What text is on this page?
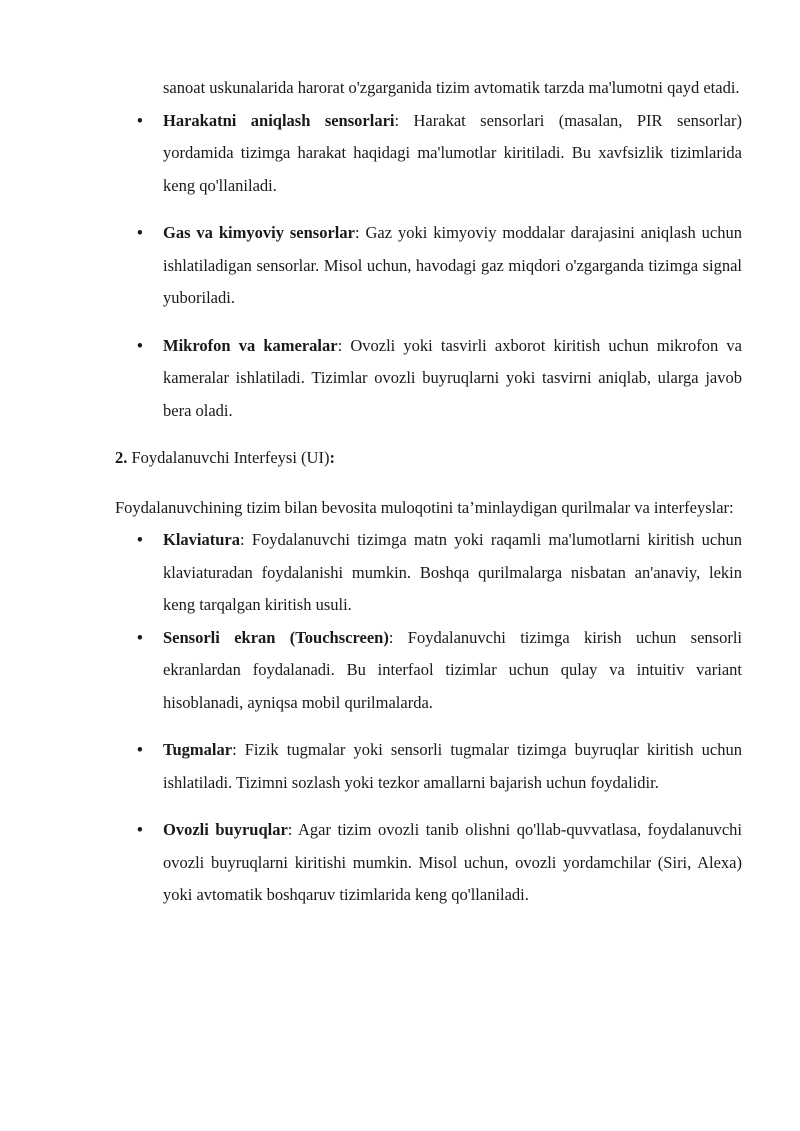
sanoat uskunalarida harorat o'zgarganida tizim avtomatik tarzda ma'lumotni qayd etadi.

• Harakatni aniqlash sensorlari: Harakat sensorlari (masalan, PIR sensorlar) yordamida tizimga harakat haqidagi ma'lumotlar kiritiladi. Bu xavfsizlik tizimlarida keng qo'llaniladi.
• Gas va kimyoviy sensorlar: Gaz yoki kimyoviy moddalar darajasini aniqlash uchun ishlatiladigan sensorlar. Misol uchun, havodagi gaz miqdori o'zgarganda tizimga signal yuboriladi.
• Mikrofon va kameralar: Ovozli yoki tasvirli axborot kiritish uchun mikrofon va kameralar ishlatiladi. Tizimlar ovozli buyruqlarni yoki tasvirni aniqlab, ularga javob bera oladi.

2. Foydalanuvchi Interfeysi (UI):

Foydalanuvchining tizim bilan bevosita muloqotini ta’minlaydigan qurilmalar va interfeyslar:

• Klaviatura: Foydalanuvchi tizimga matn yoki raqamli ma'lumotlarni kiritish uchun klaviaturadan foydalanishi mumkin. Boshqa qurilmalarga nisbatan an'anaviy, lekin keng tarqalgan kiritish usuli.
• Sensorli ekran (Touchscreen): Foydalanuvchi tizimga kirish uchun sensorli ekranlardan foydalanadi. Bu interfaol tizimlar uchun qulay va intuitiv variant hisoblanadi, ayniqsa mobil qurilmalarda.
• Tugmalar: Fizik tugmalar yoki sensorli tugmalar tizimga buyruqlar kiritish uchun ishlatiladi. Tizimni sozlash yoki tezkor amallarni bajarish uchun foydalidir.
• Ovozli buyruqlar: Agar tizim ovozli tanib olishni qo'llab-quvvatlasa, foydalanuvchi ovozli buyruqlarni kiritishi mumkin. Misol uchun, ovozli yordamchilar (Siri, Alexa) yoki avtomatik boshqaruv tizimlarida keng qo'llaniladi.
